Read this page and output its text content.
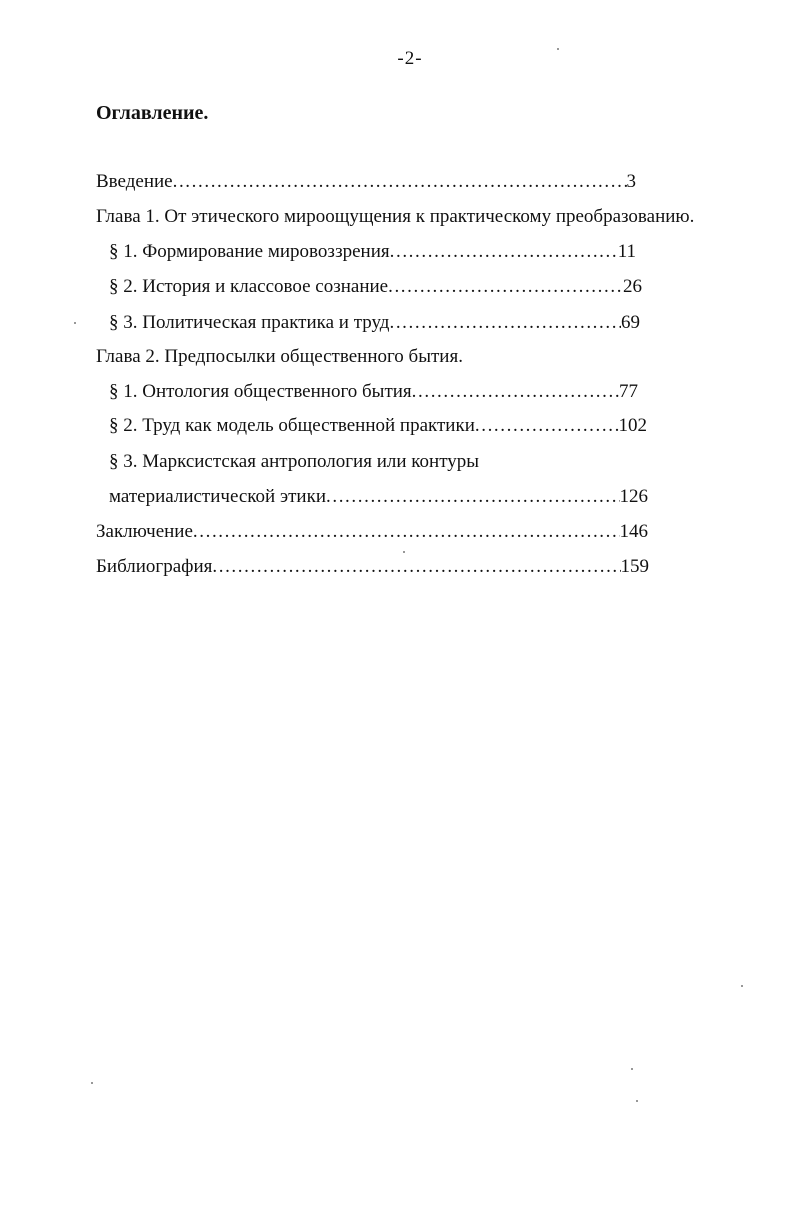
-2-
Оглавление.
Введение .....	3
Глава 1. От этического мироощущения к практическому преобразованию.
§ 1. Формирование мировоззрения .....	11
§ 2. История и классовое сознание .....	26
§ 3. Политическая практика и труд .....	69
Глава 2. Предпосылки общественного бытия.
§ 1. Онтология общественного бытия .....	77
§ 2. Труд как модель общественной практики .....	102
§ 3. Марксистская антропология или контуры
материалистической этики .....	126
Заключение .....	146
Библиография .....	159
